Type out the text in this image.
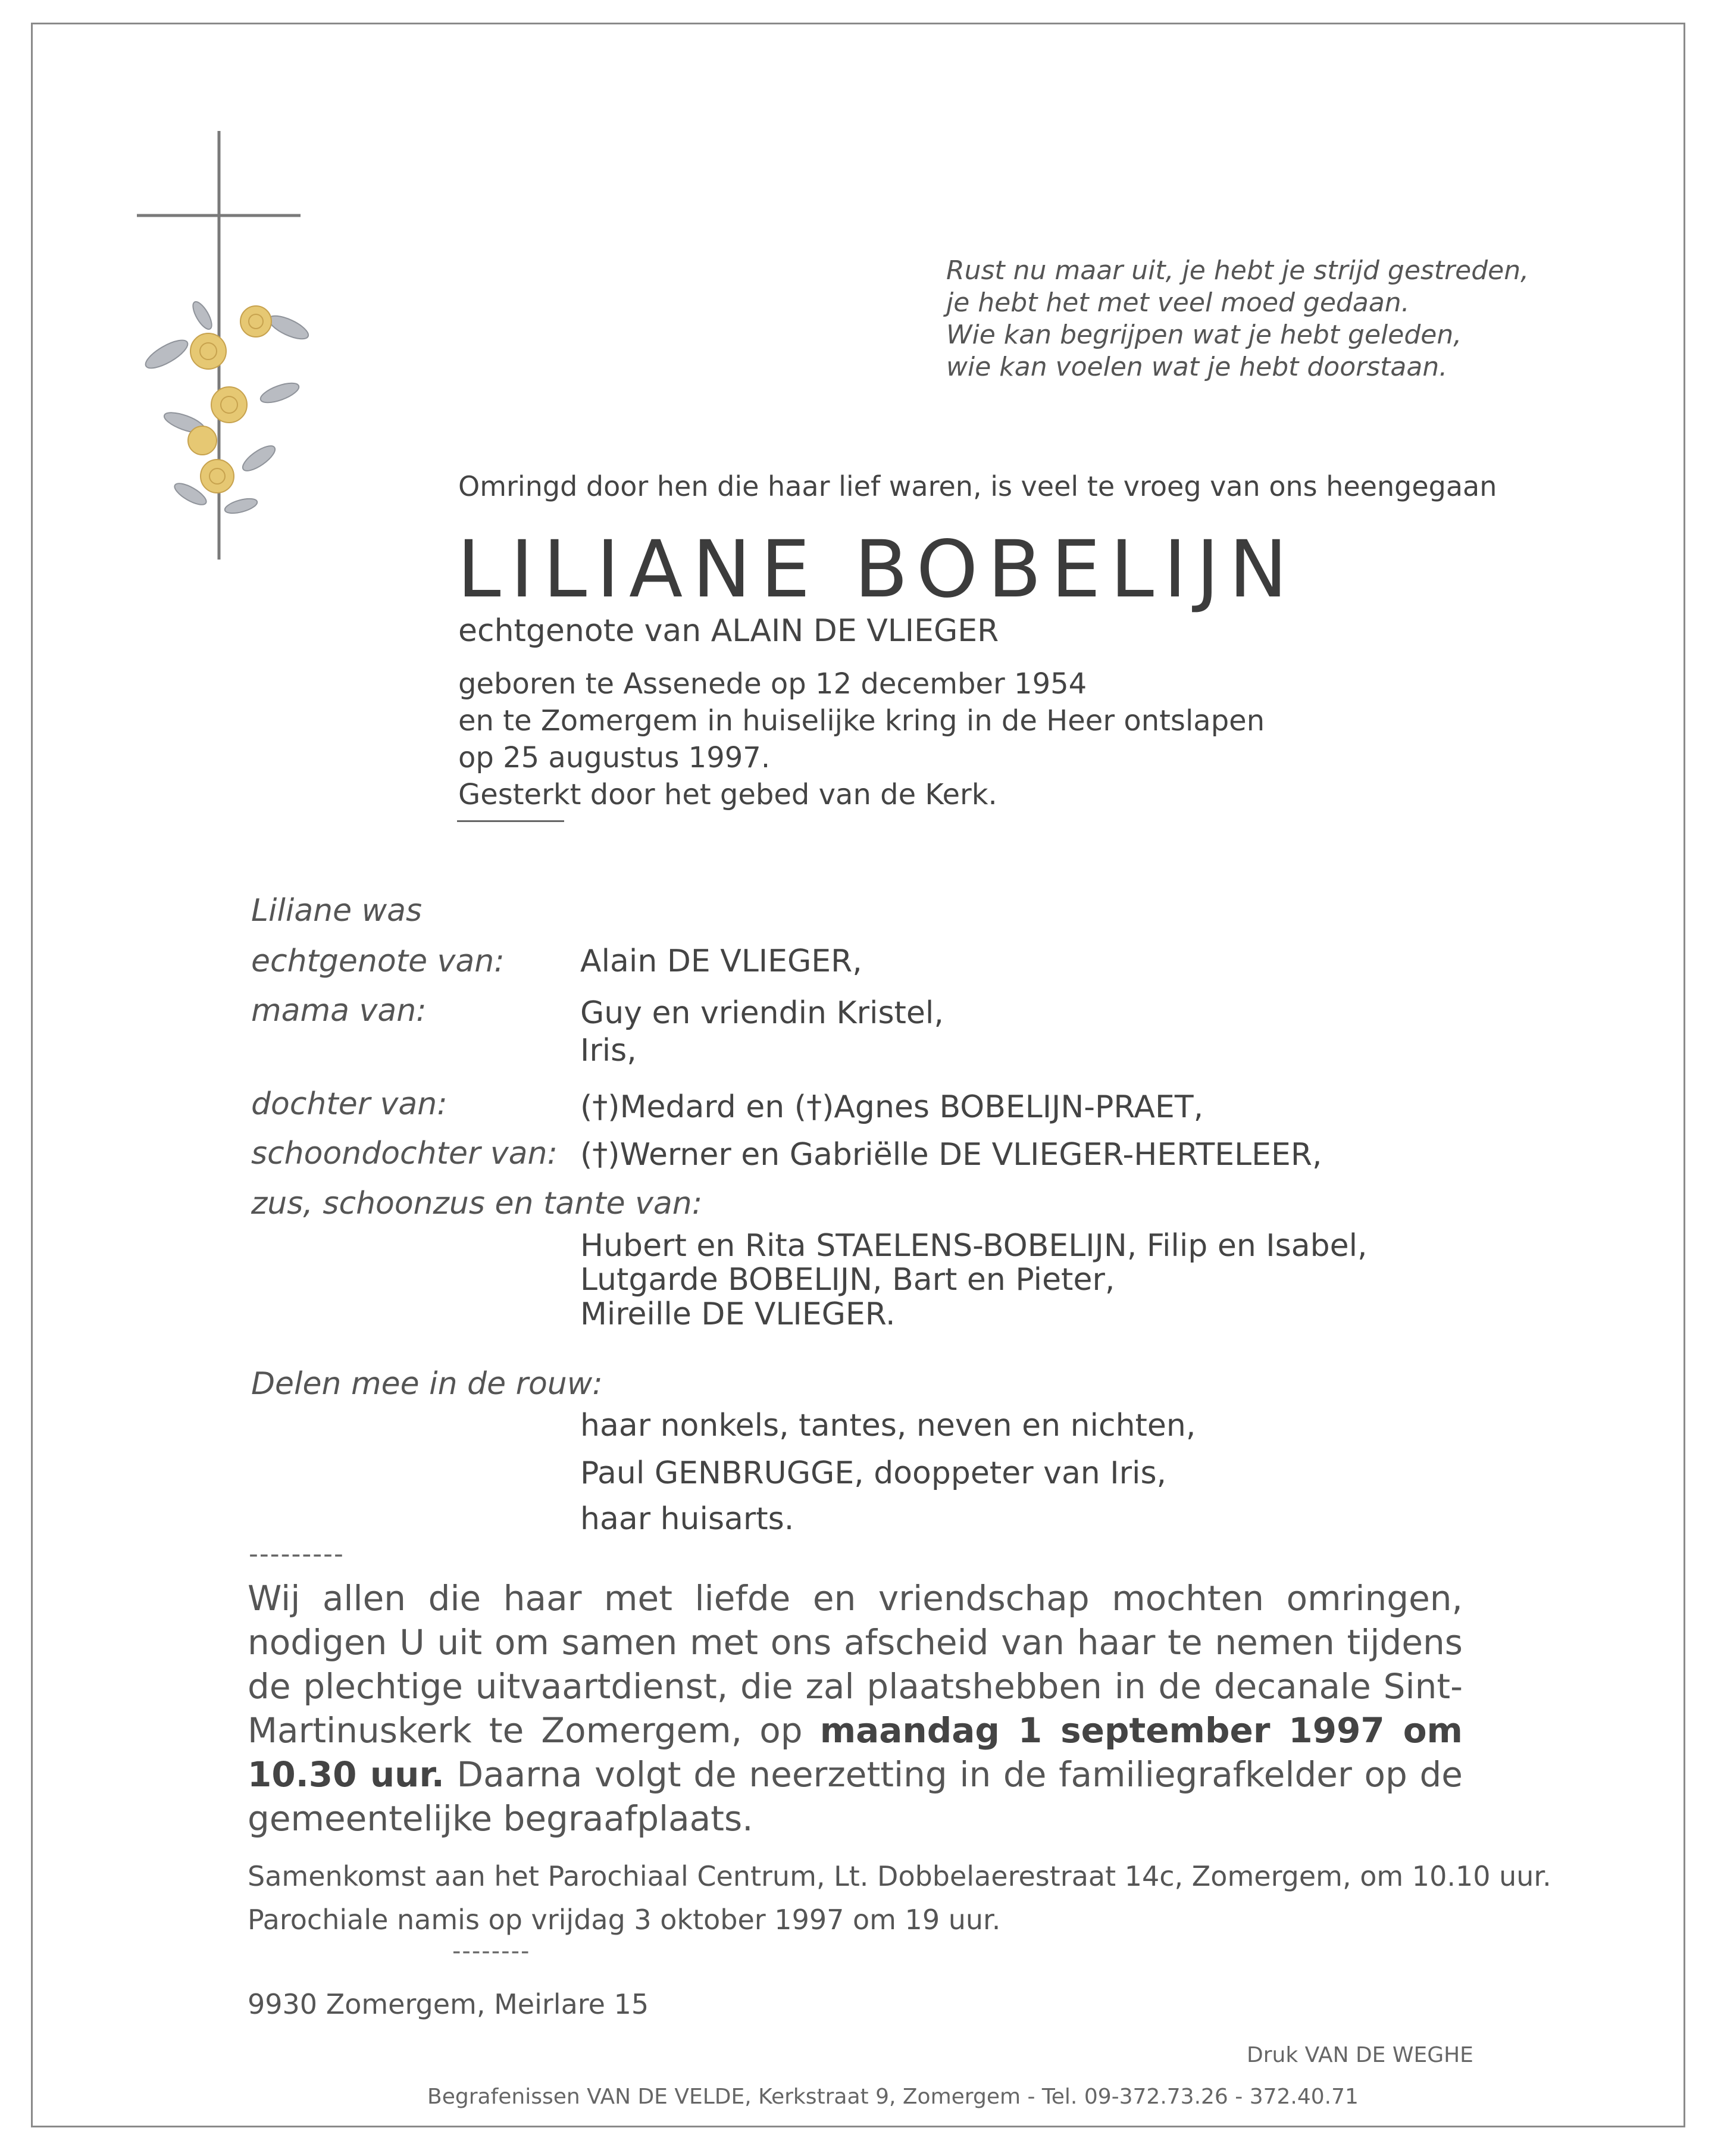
Rust nu maar uit, je hebt je strijd gestreden,
je hebt het met veel moed gedaan.
Wie kan begrijpen wat je hebt geleden,
wie kan voelen wat je hebt doorstaan.
Omringd door hen die haar lief waren, is veel te vroeg van ons heengegaan
LILIANE BOBELIJN
echtgenote van ALAIN DE VLIEGER
geboren te Assenede op 12 december 1954
en te Zomergem in huiselijke kring in de Heer ontslapen
op 25 augustus 1997.
Gesterkt door het gebed van de Kerk.
Liliane was
echtgenote van: Alain DE VLIEGER,
mama van:	Guy en vriendin Kristel,
Iris,
dochter van:	(†)Medard en (†)Agnes BOBELIJN-PRAET,
schoondochter van: (†)Werner en Gabriëlle DE VLIEGER-HERTELEER,
zus, schoonzus en tante van:
Hubert en Rita STAELENS-BOBELIJN, Filip en Isabel,
Lutgarde BOBELIJN, Bart en Pieter,
Mireille DE VLIEGER.
Delen mee in de rouw:
haar nonkels, tantes, neven en nichten,
Paul GENBRUGGE, dooppeter van Iris,
haar huisarts.
---------
Wij allen die haar met liefde en vriendschap mochten omringen, nodigen U uit om samen met ons afscheid van haar te nemen tijdens de plechtige uitvaartdienst, die zal plaatshebben in de decanale Sint-Martinuskerk te Zomergem, op maandag 1 september 1997 om 10.30 uur. Daarna volgt de neerzetting in de familiegrafkelder op de gemeentelijke begraafplaats.
Samenkomst aan het Parochiaal Centrum, Lt. Dobbelaerestraat 14c, Zomergem, om 10.10 uur.
Parochiale namis op vrijdag 3 oktober 1997 om 19 uur.
--------
9930 Zomergem, Meirlare 15
Druk VAN DE WEGHE
Begrafenissen VAN DE VELDE, Kerkstraat 9, Zomergem - Tel. 09-372.73.26 - 372.40.71
